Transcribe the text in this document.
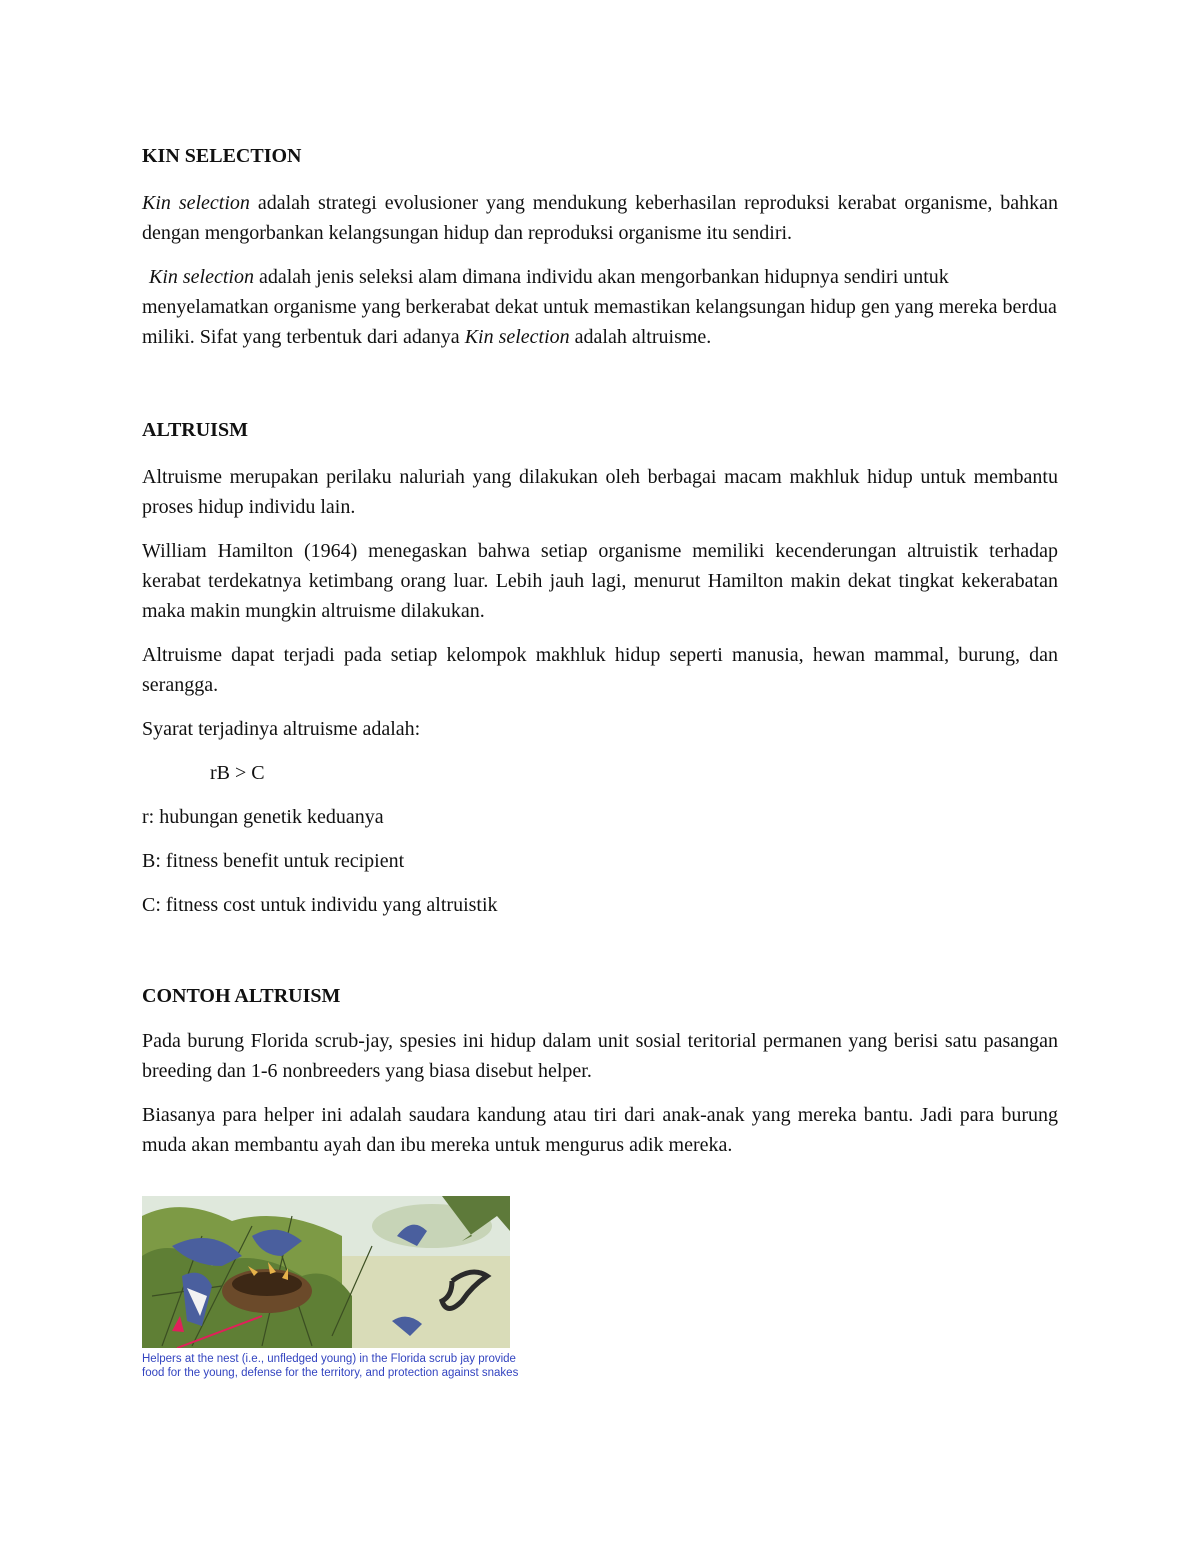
KIN SELECTION

Kin selection adalah strategi evolusioner yang mendukung keberhasilan reproduksi kerabat organisme, bahkan dengan mengorbankan kelangsungan hidup dan reproduksi organisme itu sendiri.

Kin selection adalah jenis seleksi alam dimana individu akan mengorbankan hidupnya sendiri untuk menyelamatkan organisme yang berkerabat dekat untuk memastikan kelangsungan hidup gen yang mereka berdua miliki. Sifat yang terbentuk dari adanya Kin selection adalah altruisme.

ALTRUISM

Altruisme merupakan perilaku naluriah yang dilakukan oleh berbagai macam makhluk hidup untuk membantu proses hidup individu lain.

William Hamilton (1964) menegaskan bahwa setiap organisme memiliki kecenderungan altruistik terhadap kerabat terdekatnya ketimbang orang luar. Lebih jauh lagi, menurut Hamilton makin dekat tingkat kekerabatan maka makin mungkin altruisme dilakukan.

Altruisme dapat terjadi pada setiap kelompok makhluk hidup seperti manusia, hewan mammal, burung, dan serangga.

Syarat terjadinya altruisme adalah:

rB > C

r: hubungan genetik keduanya

B: fitness benefit untuk recipient

C: fitness cost untuk individu yang altruistik

CONTOH ALTRUISM

Pada burung Florida scrub-jay, spesies ini hidup dalam unit sosial teritorial permanen yang berisi satu pasangan breeding dan 1-6 nonbreeders yang biasa disebut helper.

Biasanya para helper ini adalah saudara kandung atau tiri dari anak-anak yang mereka bantu. Jadi para burung muda akan membantu ayah dan ibu mereka untuk mengurus adik mereka.

Helpers at the nest (i.e., unfledged young) in the Florida scrub jay provide
food for the young, defense for the territory, and protection against snakes
